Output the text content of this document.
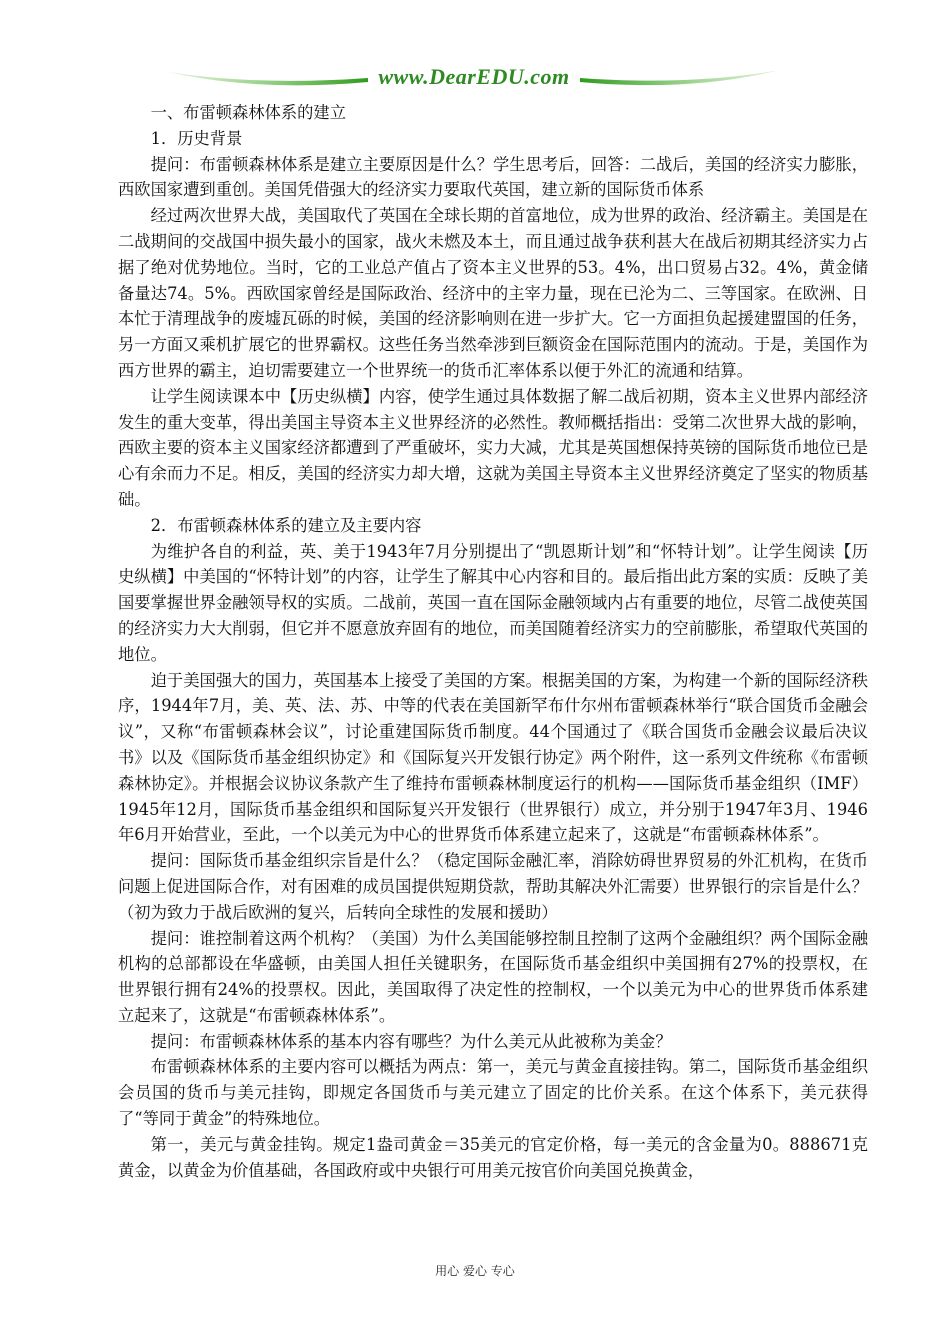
www.DearEDU.com

一、布雷顿森林体系的建立

1．历史背景

提问：布雷顿森林体系是建立主要原因是什么？学生思考后，回答：二战后，美国的经济实力膨胀，西欧国家遭到重创。美国凭借强大的经济实力要取代英国，建立新的国际货币体系

经过两次世界大战，美国取代了英国在全球长期的首富地位，成为世界的政治、经济霸主。美国是在二战期间的交战国中损失最小的国家，战火未燃及本土，而且通过战争获利甚大在战后初期其经济实力占据了绝对优势地位。当时，它的工业总产值占了资本主义世界的53。4%，出口贸易占32。4%，黄金储备量达74。5%。西欧国家曾经是国际政治、经济中的主宰力量，现在已沦为二、三等国家。在欧洲、日本忙于清理战争的废墟瓦砾的时候，美国的经济影响则在进一步扩大。它一方面担负起援建盟国的任务，另一方面又乘机扩展它的世界霸权。这些任务当然牵涉到巨额资金在国际范围内的流动。于是，美国作为西方世界的霸主，迫切需要建立一个世界统一的货币汇率体系以便于外汇的流通和结算。

让学生阅读课本中【历史纵横】内容，使学生通过具体数据了解二战后初期，资本主义世界内部经济发生的重大变革，得出美国主导资本主义世界经济的必然性。教师概括指出：受第二次世界大战的影响，西欧主要的资本主义国家经济都遭到了严重破坏，实力大减，尤其是英国想保持英镑的国际货币地位已是心有余而力不足。相反，美国的经济实力却大增，这就为美国主导资本主义世界经济奠定了坚实的物质基础。

2．布雷顿森林体系的建立及主要内容

为维护各自的利益，英、美于1943年7月分别提出了“凯恩斯计划”和“怀特计划”。让学生阅读【历史纵横】中美国的“怀特计划”的内容，让学生了解其中心内容和目的。最后指出此方案的实质：反映了美国要掌握世界金融领导权的实质。二战前，英国一直在国际金融领域内占有重要的地位，尽管二战使英国的经济实力大大削弱，但它并不愿意放弃固有的地位，而美国随着经济实力的空前膨胀，希望取代英国的地位。

迫于美国强大的国力，英国基本上接受了美国的方案。根据美国的方案，为构建一个新的国际经济秩序，1944年7月，美、英、法、苏、中等的代表在美国新罕布什尔州布雷顿森林举行“联合国货币金融会议”，又称“布雷顿森林会议”，讨论重建国际货币制度。44个国通过了《联合国货币金融会议最后决议书》以及《国际货币基金组织协定》和《国际复兴开发银行协定》两个附件，这一系列文件统称《布雷顿森林协定》。并根据会议协议条款产生了维持布雷顿森林制度运行的机构——国际货币基金组织（IMF）1945年12月，国际货币基金组织和国际复兴开发银行（世界银行）成立，并分别于1947年3月、1946年6月开始营业，至此，一个以美元为中心的世界货币体系建立起来了，这就是“布雷顿森林体系”。

提问：国际货币基金组织宗旨是什么？（稳定国际金融汇率，消除妨碍世界贸易的外汇机构，在货币问题上促进国际合作，对有困难的成员国提供短期贷款，帮助其解决外汇需要）世界银行的宗旨是什么？（初为致力于战后欧洲的复兴，后转向全球性的发展和援助）

提问：谁控制着这两个机构？（美国）为什么美国能够控制且控制了这两个金融组织？两个国际金融机构的总部都设在华盛顿，由美国人担任关键职务，在国际货币基金组织中美国拥有27%的投票权，在世界银行拥有24%的投票权。因此，美国取得了决定性的控制权，一个以美元为中心的世界货币体系建立起来了，这就是“布雷顿森林体系”。

提问：布雷顿森林体系的基本内容有哪些？为什么美元从此被称为美金？

布雷顿森林体系的主要内容可以概括为两点：第一，美元与黄金直接挂钩。第二，国际货币基金组织会员国的货币与美元挂钩，即规定各国货币与美元建立了固定的比价关系。在这个体系下，美元获得了“等同于黄金”的特殊地位。

第一，美元与黄金挂钩。规定1盎司黄金＝35美元的官定价格，每一美元的含金量为0。888671克黄金，以黄金为价值基础，各国政府或中央银行可用美元按官价向美国兑换黄金，

用心 爱心 专心
